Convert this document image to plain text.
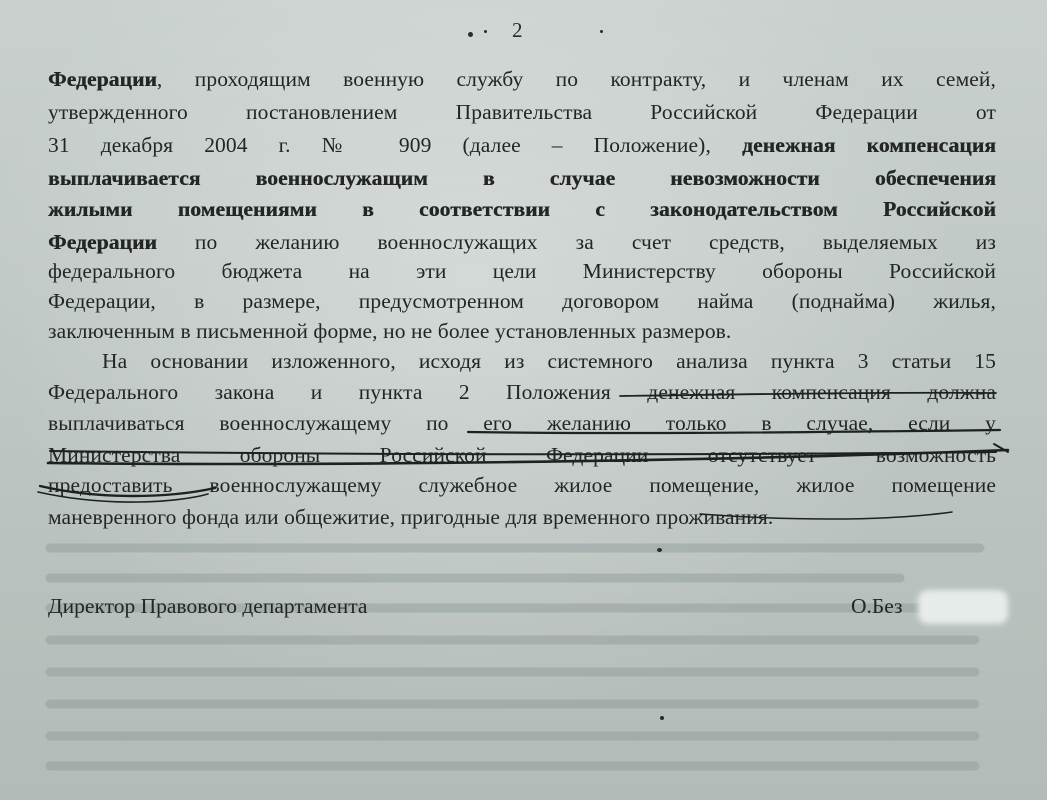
2
Федерации, проходящим военную службу по контракту, и членам их семей,
утвержденного постановлением Правительства Российской Федерации от
31 декабря 2004 г. № 909 (далее – Положение), денежная компенсация
выплачивается военнослужащим в случае невозможности обеспечения
жилыми помещениями в соответствии с законодательством Российской
Федерации по желанию военнослужащих за счет средств, выделяемых из
федерального бюджета на эти цели Министерству обороны Российской
Федерации, в размере, предусмотренном договором найма (поднайма) жилья,
заключенным в письменной форме, но не более установленных размеров.
На основании изложенного, исходя из системного анализа пункта 3 статьи 15
Федерального закона и пункта 2 Положения денежная компенсация должна
выплачиваться военнослужащему по его желанию только в случае, если у
Министерства обороны Российской Федерации отсутствует возможность
предоставить военнослужащему служебное жилое помещение, жилое помещение
маневренного фонда или общежитие, пригодные для временного проживания.
Директор Правового департамента	О.Без
